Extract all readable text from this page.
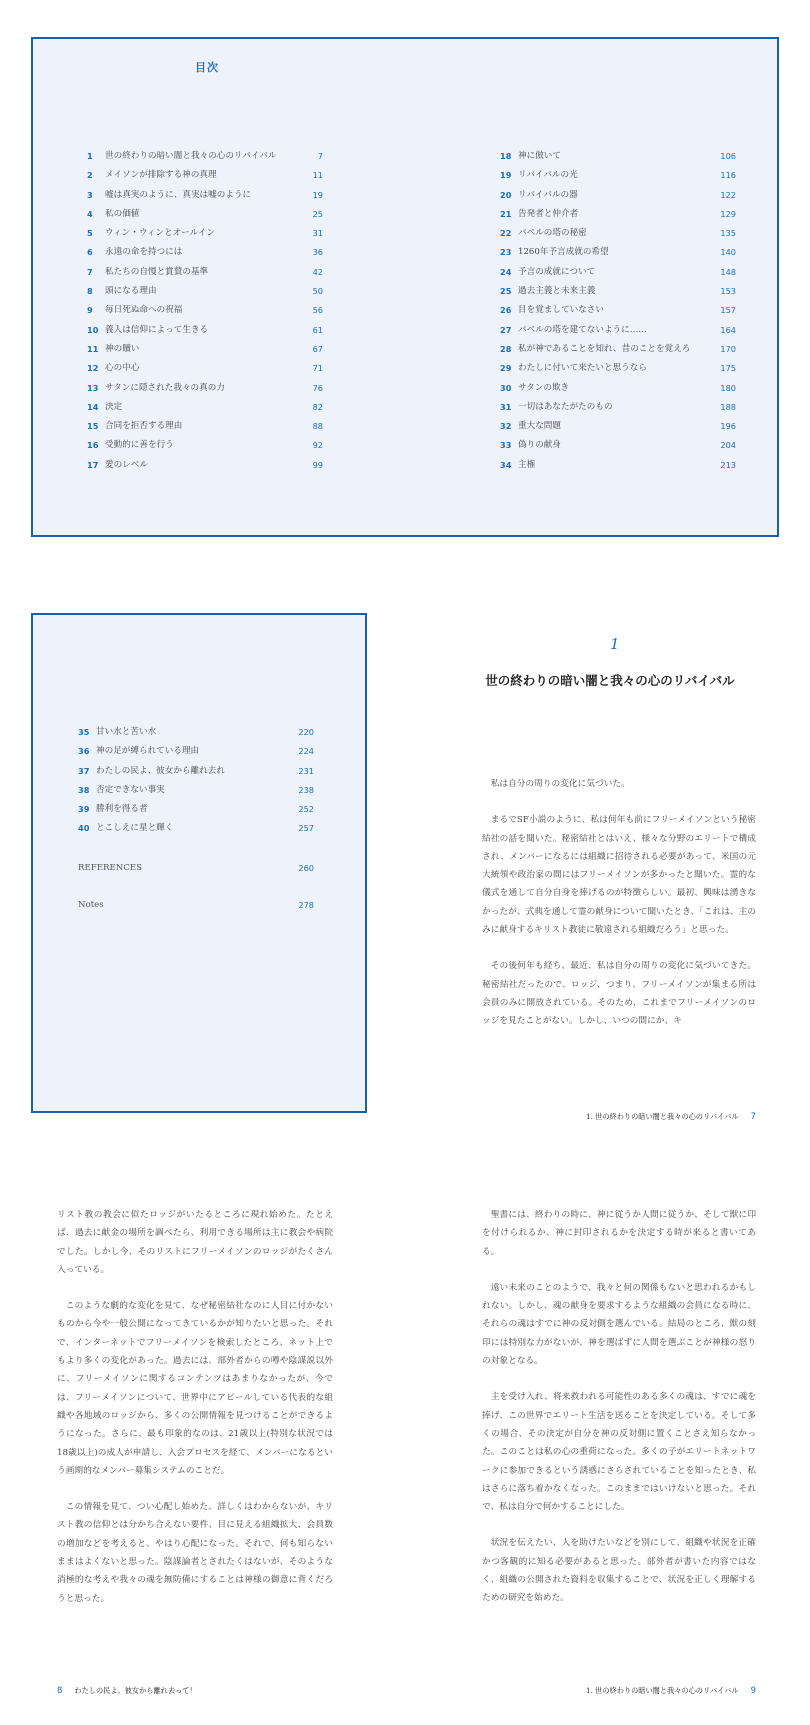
目次
1	世の終わりの暗い闇と我々の心のリバイバル	7
2	メイソンが排除する神の真理	11
3	嘘は真実のように、真実は嘘のように	19
4	私の価値	25
5	ウィン・ウィンとオールイン	31
6	永遠の命を持つには	36
7	私たちの自慢と賞賛の基準	42
8	頭になる理由	50
9	毎日死ぬ命への祝福	56
10 義人は信仰によって生きる	61
11 神の贖い	67
12 心の中心	71
13 サタンに隠された我々の真の力	76
14 決定	82
15 合同を拒否する理由	88
16 受動的に善を行う	92
17 愛のレベル	99
18 神に倣いて	106
19 リバイバルの光	116
20 リバイバルの器	122
21 告発者と仲介者	129
22 バベルの塔の秘密	135
23 1260年予言成就の希望	140
24 予言の成就について	148
25 過去主義と未来主義	153
26 目を覚ましていなさい	157
27 バベルの塔を建てないように……	164
28 私が神であることを知れ、昔のことを覚えろ	170
29 わたしに付いて来たいと思うなら	175
30 サタンの欺き	180
31 一切はあなたがたのもの	188
32 重大な問題	196
33 偽りの献身	204
34 主権	213
35 甘い水と苦い水	220
36 神の足が縛られている理由	224
37 わたしの民よ、彼女から離れ去れ	231
38 否定できない事実	238
39 勝利を得る者	252
40 とこしえに星と輝く	257
REFERENCES	260
Notes	278
1
世の終わりの暗い闇と我々の心のリバイバル

私は自分の周りの変化に気づいた。

まるでSF小説のように、私は何年も前にフリーメイソンという秘密結社の話を聞いた。秘密結社とはいえ、様々な分野のエリートで構成され、メンバーになるには組織に招待される必要があって、米国の元大統領や政治家の間にはフリーメイソンが多かったと聞いた。霊的な儀式を通して自分自身を捧げるのが特徴らしい。最初、興味は湧きなかったが、式典を通して霊の献身について聞いたとき、「これは、主のみに献身するキリスト教徒に敬遠される組織だろう」と思った。

その後何年も経ち、最近、私は自分の周りの変化に気づいてきた。秘密結社だったので、ロッジ、つまり、フリーメイソンが集まる所は会員のみに開放されている。そのため、これまでフリーメイソンのロッジを見たことがない。しかし、いつの間にか、キ

1. 世の終わりの暗い闇と我々の心のリバイバル 7

リスト教の教会に似たロッジがいたるところに現れ始めた。たとえば、過去に献金の場所を調べたら、利用できる場所は主に教会や病院でした。しかし今、そのリストにフリーメイソンのロッジがたくさん入っている。

このような劇的な変化を見て、なぜ秘密結社なのに人目に付かないものから今や一般公開になってきているかが知りたいと思った。それで、インターネットでフリーメイソンを検索したところ、ネット上でもより多くの変化があった。過去には、部外者からの噂や陰謀説以外に、フリーメイソンに関するコンテンツはあまりなかったが、今では、フリーメイソンについて、世界中にアピールしている代表的な組織や各地域のロッジから、多くの公開情報を見つけることができるようになった。さらに、最も印象的なのは、21歳以上(特別な状況では18歳以上)の成人が申請し、入会プロセスを経て、メンバーになるという画期的なメンバー募集システムのことだ。

この情報を見て、つい心配し始めた。詳しくはわからないが、キリスト教の信仰とは分かち合えない要件、目に見える組織拡大、会員数の増加などを考えると、やはり心配になった。それで、何も知らないままはよくないと思った。陰謀論者とされたくはないが、そのような消極的な考えや我々の魂を無防備にすることは神様の御意に背くだろうと思った。

8 わたしの民よ。彼女から離れ去って！

聖書には、終わりの時に、神に従うか人間に従うか、そして獣に印を付けられるか、神に封印されるかを決定する時が来ると書いてある。

遠い未来のことのようで、我々と何の関係もないと思われるかもしれない。しかし、魂の献身を要求するような組織の会員になる時に、それらの魂はすでに神の反対側を選んでいる。結局のところ、獣の刻印には特別な力がないが、神を選ばずに人間を選ぶことが神様の怒りの対象となる。

主を受け入れ、将来救われる可能性のある多くの魂は、すでに魂を捧げ、この世界でエリート生活を送ることを決定している。そして多くの場合、その決定が自分を神の反対側に置くことさえ知らなかった。このことは私の心の重荷になった。多くの子がエリートネットワークに参加できるという誘惑にさらされていることを知ったとき、私はさらに落ち着かなくなった。このままではいけないと思った。それで、私は自分で何かすることにした。

状況を伝えたい、人を助けたいなどを別にして、組織や状況を正確かつ客観的に知る必要があると思った。部外者が書いた内容ではなく、組織の公開された資料を収集することで、状況を正しく理解するための研究を始めた。

1. 世の終わりの暗い闇と我々の心のリバイバル 9
